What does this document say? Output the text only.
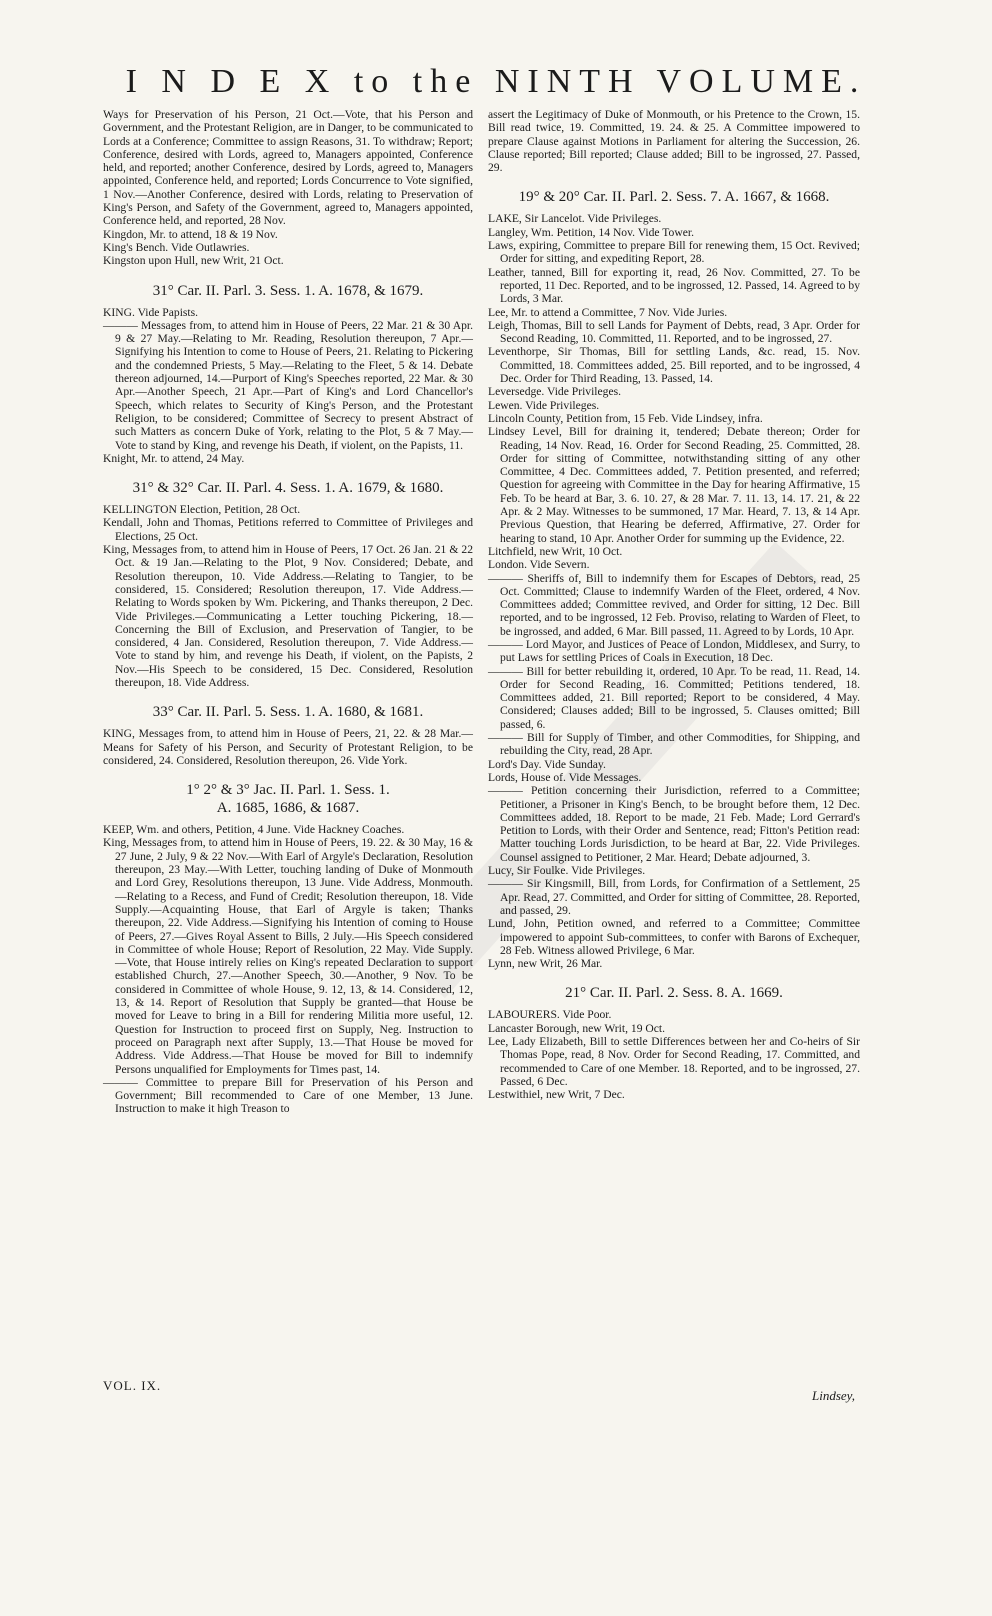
I N D E X to the NINTH VOLUME.

Ways for Preservation of his Person, 21 Oct.—Vote, that his Person and Government, and the Protestant Religion, are in Danger, to be communicated to Lords at a Conference; Committee to assign Reasons, 31. To withdraw; Report; Conference, desired with Lords, agreed to, Managers appointed, Conference held, and reported; another Conference, desired by Lords, agreed to, Managers appointed, Conference held, and reported; Lords Concurrence to Vote signified, 1 Nov.—Another Conference, desired with Lords, relating to Preservation of King's Person, and Safety of the Government, agreed to, Managers appointed, Conference held, and reported, 28 Nov.

Kingdon, Mr. to attend, 18 & 19 Nov.

King's Bench. Vide Outlawries.

Kingston upon Hull, new Writ, 21 Oct.

31° Car. II. Parl. 3. Sess. 1. A. 1678, & 1679.

KING. Vide Papists.

——— Messages from, to attend him in House of Peers, 22 Mar. 21 & 30 Apr. 9 & 27 May.—Relating to Mr. Reading, Resolution thereupon, 7 Apr.—Signifying his Intention to come to House of Peers, 21. Relating to Pickering and the condemned Priests, 5 May.—Relating to the Fleet, 5 & 14. Debate thereon adjourned, 14.—Purport of King's Speeches reported, 22 Mar. & 30 Apr.—Another Speech, 21 Apr.—Part of King's and Lord Chancellor's Speech, which relates to Security of King's Person, and the Protestant Religion, to be considered; Committee of Secrecy to present Abstract of such Matters as concern Duke of York, relating to the Plot, 5 & 7 May.—Vote to stand by King, and revenge his Death, if violent, on the Papists, 11.

Knight, Mr. to attend, 24 May.

31° & 32° Car. II. Parl. 4. Sess. 1. A. 1679, & 1680.

KELLINGTON Election, Petition, 28 Oct.

Kendall, John and Thomas, Petitions referred to Committee of Privileges and Elections, 25 Oct.

King, Messages from, to attend him in House of Peers, 17 Oct. 26 Jan. 21 & 22 Oct. & 19 Jan.—Relating to the Plot, 9 Nov. Considered; Debate, and Resolution thereupon, 10. Vide Address.—Relating to Tangier, to be considered, 15. Considered; Resolution thereupon, 17. Vide Address.—Relating to Words spoken by Wm. Pickering, and Thanks thereupon, 2 Dec. Vide Privileges.—Communicating a Letter touching Pickering, 18.—Concerning the Bill of Exclusion, and Preservation of Tangier, to be considered, 4 Jan. Considered, Resolution thereupon, 7. Vide Address.—Vote to stand by him, and revenge his Death, if violent, on the Papists, 2 Nov.—His Speech to be considered, 15 Dec. Considered, Resolution thereupon, 18. Vide Address.

33° Car. II. Parl. 5. Sess. 1. A. 1680, & 1681.

KING, Messages from, to attend him in House of Peers, 21, 22. & 28 Mar.—Means for Safety of his Person, and Security of Protestant Religion, to be considered, 24. Considered, Resolution thereupon, 26. Vide York.

1° 2° & 3° Jac. II. Parl. 1. Sess. 1.
A. 1685, 1686, & 1687.

KEEP, Wm. and others, Petition, 4 June. Vide Hackney Coaches.

King, Messages from, to attend him in House of Peers, 19. 22. & 30 May, 16 & 27 June, 2 July, 9 & 22 Nov.—With Earl of Argyle's Declaration, Resolution thereupon, 23 May.—With Letter, touching landing of Duke of Monmouth and Lord Grey, Resolutions thereupon, 13 June. Vide Address, Monmouth.—Relating to a Recess, and Fund of Credit; Resolution thereupon, 18. Vide Supply.—Acquainting House, that Earl of Argyle is taken; Thanks thereupon, 22. Vide Address.—Signifying his Intention of coming to House of Peers, 27.—Gives Royal Assent to Bills, 2 July.—His Speech considered in Committee of whole House; Report of Resolution, 22 May. Vide Supply.—Vote, that House intirely relies on King's repeated Declaration to support established Church, 27.—Another Speech, 30.—Another, 9 Nov. To be considered in Committee of whole House, 9. 12, 13, & 14. Considered, 12, 13, & 14. Report of Resolution that Supply be granted—that House be moved for Leave to bring in a Bill for rendering Militia more useful, 12. Question for Instruction to proceed first on Supply, Neg. Instruction to proceed on Paragraph next after Supply, 13.—That House be moved for Address. Vide Address.—That House be moved for Bill to indemnify Persons unqualified for Employments for Times past, 14.

——— Committee to prepare Bill for Preservation of his Person and Government; Bill recommended to Care of one Member, 13 June. Instruction to make it high Treason to

assert the Legitimacy of Duke of Monmouth, or his Pretence to the Crown, 15. Bill read twice, 19. Committed, 19. 24. & 25. A Committee impowered to prepare Clause against Motions in Parliament for altering the Succession, 26. Clause reported; Bill reported; Clause added; Bill to be ingrossed, 27. Passed, 29.

19° & 20° Car. II. Parl. 2. Sess. 7. A. 1667, & 1668.

LAKE, Sir Lancelot. Vide Privileges.

Langley, Wm. Petition, 14 Nov. Vide Tower.

Laws, expiring, Committee to prepare Bill for renewing them, 15 Oct. Revived; Order for sitting, and expediting Report, 28.

Leather, tanned, Bill for exporting it, read, 26 Nov. Committed, 27. To be reported, 11 Dec. Reported, and to be ingrossed, 12. Passed, 14. Agreed to by Lords, 3 Mar.

Lee, Mr. to attend a Committee, 7 Nov. Vide Juries.

Leigh, Thomas, Bill to sell Lands for Payment of Debts, read, 3 Apr. Order for Second Reading, 10. Committed, 11. Reported, and to be ingrossed, 27.

Leventhorpe, Sir Thomas, Bill for settling Lands, &c. read, 15. Nov. Committed, 18. Committees added, 25. Bill reported, and to be ingrossed, 4 Dec. Order for Third Reading, 13. Passed, 14.

Leversedge. Vide Privileges.

Lewen. Vide Privileges.

Lincoln County, Petition from, 15 Feb. Vide Lindsey, infra.

Lindsey Level, Bill for draining it, tendered; Debate thereon; Order for Reading, 14 Nov. Read, 16. Order for Second Reading, 25. Committed, 28. Order for sitting of Committee, notwithstanding sitting of any other Committee, 4 Dec. Committees added, 7. Petition presented, and referred; Question for agreeing with Committee in the Day for hearing Affirmative, 15 Feb. To be heard at Bar, 3. 6. 10. 27, & 28 Mar. 7. 11. 13, 14. 17. 21, & 22 Apr. & 2 May. Witnesses to be summoned, 17 Mar. Heard, 7. 13, & 14 Apr. Previous Question, that Hearing be deferred, Affirmative, 27. Order for hearing to stand, 10 Apr. Another Order for summing up the Evidence, 22.

Litchfield, new Writ, 10 Oct.

London. Vide Severn.

——— Sheriffs of, Bill to indemnify them for Escapes of Debtors, read, 25 Oct. Committed; Clause to indemnify Warden of the Fleet, ordered, 4 Nov. Committees added; Committee revived, and Order for sitting, 12 Dec. Bill reported, and to be ingrossed, 12 Feb. Proviso, relating to Warden of Fleet, to be ingrossed, and added, 6 Mar. Bill passed, 11. Agreed to by Lords, 10 Apr.

——— Lord Mayor, and Justices of Peace of London, Middlesex, and Surry, to put Laws for settling Prices of Coals in Execution, 18 Dec.

——— Bill for better rebuilding it, ordered, 10 Apr. To be read, 11. Read, 14. Order for Second Reading, 16. Committed; Petitions tendered, 18. Committees added, 21. Bill reported; Report to be considered, 4 May. Considered; Clauses added; Bill to be ingrossed, 5. Clauses omitted; Bill passed, 6.

——— Bill for Supply of Timber, and other Commodities, for Shipping, and rebuilding the City, read, 28 Apr.

Lord's Day. Vide Sunday.

Lords, House of. Vide Messages.

——— Petition concerning their Jurisdiction, referred to a Committee; Petitioner, a Prisoner in King's Bench, to be brought before them, 12 Dec. Committees added, 18. Report to be made, 21 Feb. Made; Lord Gerrard's Petition to Lords, with their Order and Sentence, read; Fitton's Petition read: Matter touching Lords Jurisdiction, to be heard at Bar, 22. Vide Privileges. Counsel assigned to Petitioner, 2 Mar. Heard; Debate adjourned, 3.

Lucy, Sir Foulke. Vide Privileges.

——— Sir Kingsmill, Bill, from Lords, for Confirmation of a Settlement, 25 Apr. Read, 27. Committed, and Order for sitting of Committee, 28. Reported, and passed, 29.

Lund, John, Petition owned, and referred to a Committee; Committee impowered to appoint Sub-committees, to confer with Barons of Exchequer, 28 Feb. Witness allowed Privilege, 6 Mar.

Lynn, new Writ, 26 Mar.

21° Car. II. Parl. 2. Sess. 8. A. 1669.

LABOURERS. Vide Poor.

Lancaster Borough, new Writ, 19 Oct.

Lee, Lady Elizabeth, Bill to settle Differences between her and Co-heirs of Sir Thomas Pope, read, 8 Nov. Order for Second Reading, 17. Committed, and recommended to Care of one Member. 18. Reported, and to be ingrossed, 27. Passed, 6 Dec.

Lestwithiel, new Writ, 7 Dec.

VOL. IX.
Lindsey,
